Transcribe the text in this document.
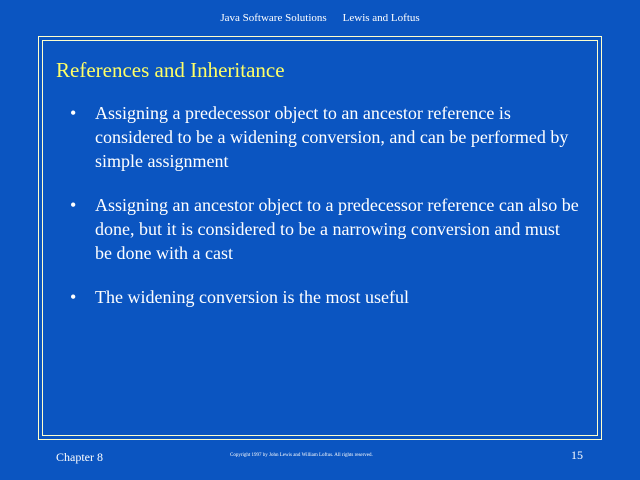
Java Software Solutions Lewis and Loftus
References and Inheritance
• Assigning a predecessor object to an ancestor reference is considered to be a widening conversion, and can be performed by simple assignment
• Assigning an ancestor object to a predecessor reference can also be done, but it is considered to be a narrowing conversion and must be done with a cast
• The widening conversion is the most useful
Chapter 8	Copyright 1997 by John Lewis and William Loftus. All rights reserved.	15
